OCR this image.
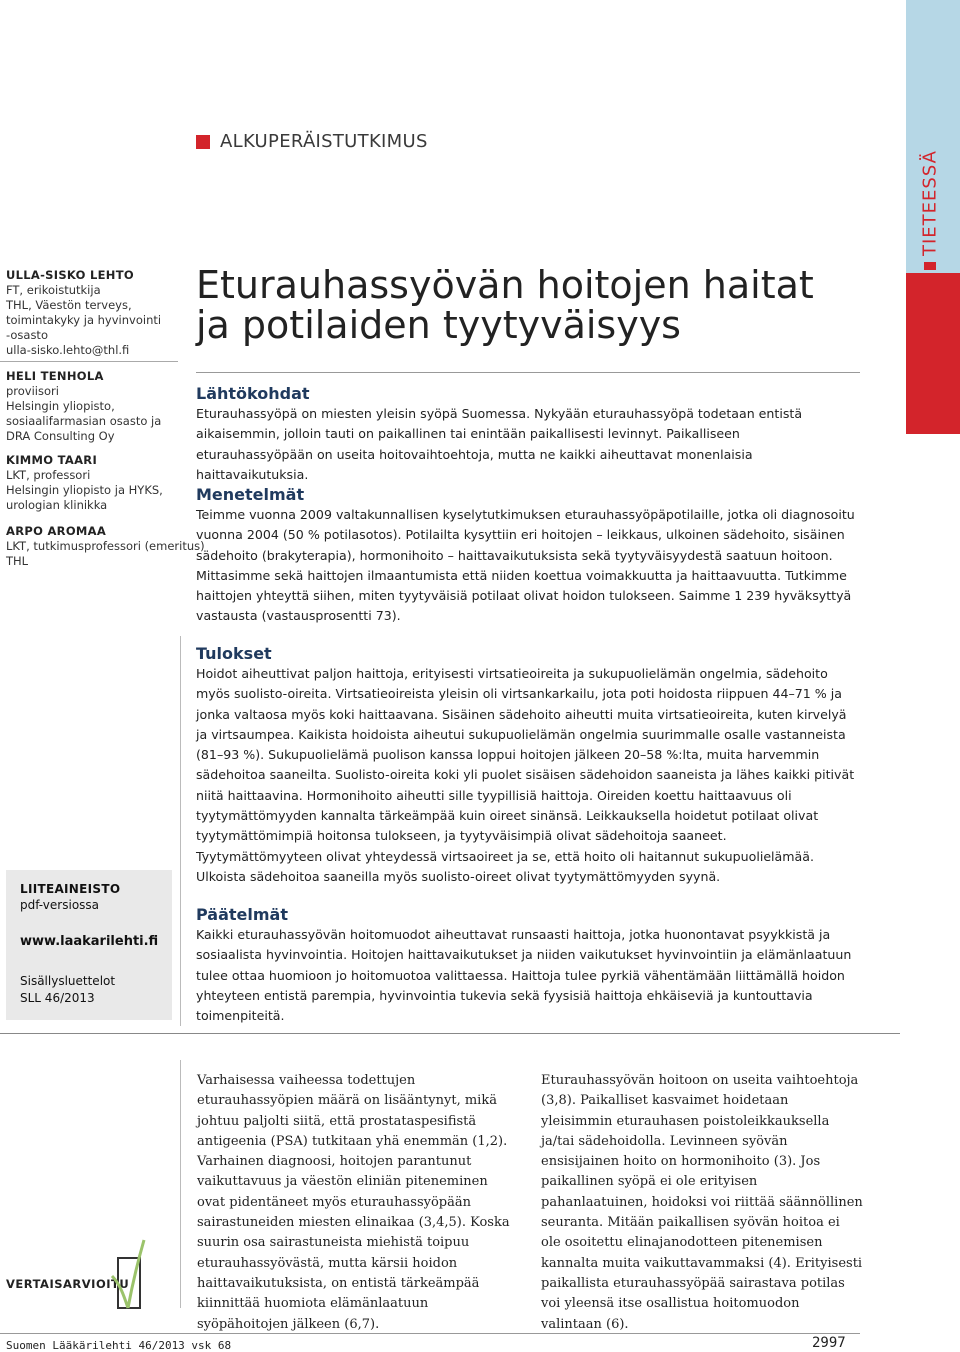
TIETEESSÄ
ALKUPERÄISTUTKIMUS
ULLA-SISKO LEHTO
FT, erikoistutkija
THL, Väestön terveys,
toimintakyky ja hyvinvointi
-osasto
ulla-sisko.lehto@thl.fi
HELI TENHOLA
proviisori
Helsingin yliopisto,
sosiaalifarmasian osasto ja
DRA Consulting Oy
KIMMO TAARI
LKT, professori
Helsingin yliopisto ja HYKS,
urologian klinikka
ARPO AROMAA
LKT, tutkimusprofessori (emeritus)
THL
Eturauhassyövän hoitojen haitat
ja potilaiden tyytyväisyys
Lähtökohdat

Eturauhassyöpä on miesten yleisin syöpä Suomessa. Nykyään eturauhassyöpä todetaan entistä aikaisemmin, jolloin tauti on paikallinen tai enintään paikallisesti levinnyt. Paikalliseen eturauhassyöpään on useita hoitovaihtoehtoja, mutta ne kaikki aiheuttavat monenlaisia haittavaikutuksia.

Menetelmät

Teimme vuonna 2009 valtakunnallisen kyselytutkimuksen eturauhassyöpäpotilaille, jotka oli diagnosoitu vuonna 2004 (50 % potilasotos). Potilailta kysyttiin eri hoitojen – leikkaus, ulkoinen sädehoito, sisäinen sädehoito (brakyterapia), hormonihoito – haittavaikutuksista sekä tyytyväisyydestä saatuun hoitoon. Mittasimme sekä haittojen ilmaantumista että niiden koettua voimakkuutta ja haittaavuutta. Tutkimme haittojen yhteyttä siihen, miten tyytyväisiä potilaat olivat hoidon tulokseen. Saimme 1 239 hyväksyttyä vastausta (vastausprosentti 73).

Tulokset

Hoidot aiheuttivat paljon haittoja, erityisesti virtsatieoireita ja sukupuolielämän ongelmia, sädehoito myös suolisto-oireita. Virtsatieoireista yleisin oli virtsankarkailu, jota poti hoidosta riippuen 44–71 % ja jonka valtaosa myös koki haittaavana. Sisäinen sädehoito aiheutti muita virtsatieoireita, kuten kirvelyä ja virtsaumpea. Kaikista hoidoista aiheutui sukupuolielämän ongelmia suurimmalle osalle vastanneista (81–93 %). Sukupuolielämä puolison kanssa loppui hoitojen jälkeen 20–58 %:lta, muita harvemmin sädehoitoa saaneilta. Suolisto-oireita koki yli puolet sisäisen sädehoidon saaneista ja lähes kaikki pitivät niitä haittaavina. Hormonihoito aiheutti sille tyypillisiä haittoja. Oireiden koettu haittaavuus oli tyytymättömyyden kannalta tärkeämpää kuin oireet sinänsä. Leikkauksella hoidetut potilaat olivat tyytymättömimpiä hoitonsa tulokseen, ja tyytyväisimpiä olivat sädehoitoja saaneet. Tyytymättömyyteen olivat yhteydessä virtsaoireet ja se, että hoito oli haitannut sukupuolielämää. Ulkoista sädehoitoa saaneilla myös suolisto-oireet olivat tyytymättömyyden syynä.

Päätelmät

Kaikki eturauhassyövän hoitomuodot aiheuttavat runsaasti haittoja, jotka huonontavat psyykkistä ja sosiaalista hyvinvointia. Hoitojen haittavaikutukset ja niiden vaikutukset hyvinvointiin ja elämänlaatuun tulee ottaa huomioon jo hoitomuotoa valittaessa. Haittoja tulee pyrkiä vähentämään liittämällä hoidon yhteyteen entistä parempia, hyvinvointia tukevia sekä fyysisiä haittoja ehkäiseviä ja kuntouttavia toimenpiteitä.

LIITEAINEISTO
pdf-versiossa
www.laakarilehti.fi
Sisällysluettelot
SLL 46/2013
VERTAISARVIOITU
Varhaisessa vaiheessa todettujen eturauhassyöpien määrä on lisääntynyt, mikä johtuu paljolti siitä, että prostataspesifistä antigeenia (PSA) tutkitaan yhä enemmän (1,2). Varhainen diagnoosi, hoitojen parantunut vaikuttavuus ja väestön eliniän piteneminen ovat pidentäneet myös eturauhassyöpään sairastuneiden miesten elinaikaa (3,4,5). Koska suurin osa sairastuneista miehistä toipuu eturauhassyövästä, mutta kärsii hoidon haittavaikutuksista, on entistä tärkeämpää kiinnittää huomiota elämänlaatuun syöpähoitojen jälkeen (6,7).
Eturauhassyövän hoitoon on useita vaihtoehtoja (3,8). Paikalliset kasvaimet hoidetaan yleisimmin eturauhasen poistoleikkauksella ja/tai sädehoidolla. Levinneen syövän ensisijainen hoito on hormonihoito (3). Jos paikallinen syöpä ei ole erityisen pahanlaatuinen, hoidoksi voi riittää säännöllinen seuranta. Mitään paikallisen syövän hoitoa ei ole osoitettu elinajanodotteen pitenemisen kannalta muita vaikuttavammaksi (4). Erityisesti paikallista eturauhassyöpää sairastava potilas voi yleensä itse osallistua hoitomuodon valintaan (6).
Suomen Lääkärilehti 46/2013 vsk 68	2997
